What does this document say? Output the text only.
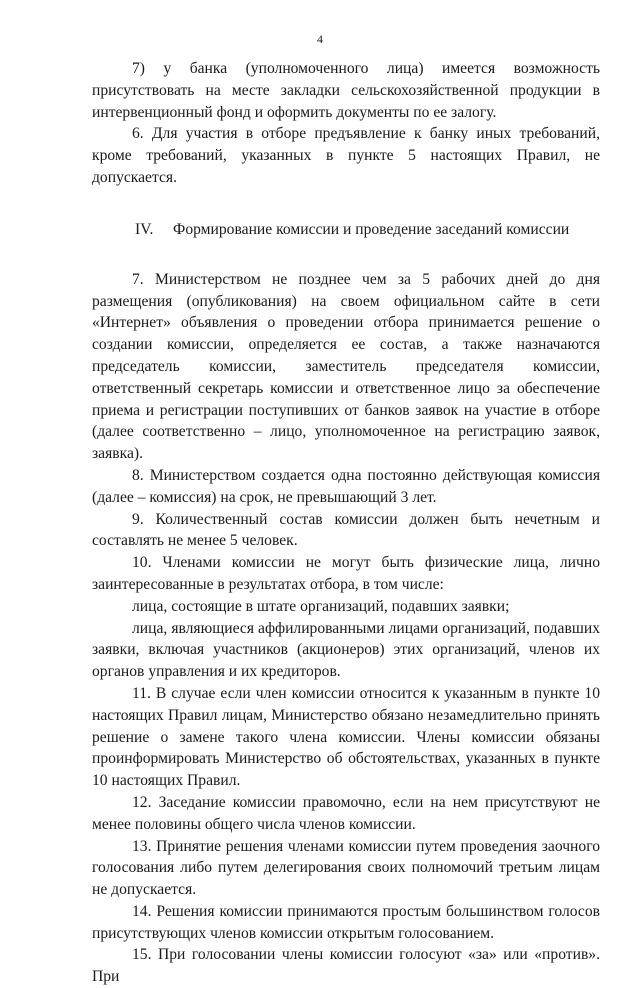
4

7) у банка (уполномоченного лица) имеется возможность присутствовать на месте закладки сельскохозяйственной продукции в интервенционный фонд и оформить документы по ее залогу.

6. Для участия в отборе предъявление к банку иных требований, кроме требований, указанных в пункте 5 настоящих Правил, не допускается.

IV. Формирование комиссии и проведение заседаний комиссии

7. Министерством не позднее чем за 5 рабочих дней до дня размещения (опубликования) на своем официальном сайте в сети «Интернет» объявления о проведении отбора принимается решение о создании комиссии, определяется ее состав, а также назначаются председатель комиссии, заместитель председателя комиссии, ответственный секретарь комиссии и ответственное лицо за обеспечение приема и регистрации поступивших от банков заявок на участие в отборе (далее соответственно – лицо, уполномоченное на регистрацию заявок, заявка).

8. Министерством создается одна постоянно действующая комиссия (далее – комиссия) на срок, не превышающий 3 лет.

9. Количественный состав комиссии должен быть нечетным и составлять не менее 5 человек.

10. Членами комиссии не могут быть физические лица, лично заинтересованные в результатах отбора, в том числе:

лица, состоящие в штате организаций, подавших заявки;

лица, являющиеся аффилированными лицами организаций, подавших заявки, включая участников (акционеров) этих организаций, членов их органов управления и их кредиторов.

11. В случае если член комиссии относится к указанным в пункте 10 настоящих Правил лицам, Министерство обязано незамедлительно принять решение о замене такого члена комиссии. Члены комиссии обязаны проинформировать Министерство об обстоятельствах, указанных в пункте 10 настоящих Правил.

12. Заседание комиссии правомочно, если на нем присутствуют не менее половины общего числа членов комиссии.

13. Принятие решения членами комиссии путем проведения заочного голосования либо путем делегирования своих полномочий третьим лицам не допускается.

14. Решения комиссии принимаются простым большинством голосов присутствующих членов комиссии открытым голосованием.

15. При голосовании члены комиссии голосуют «за» или «против». При
